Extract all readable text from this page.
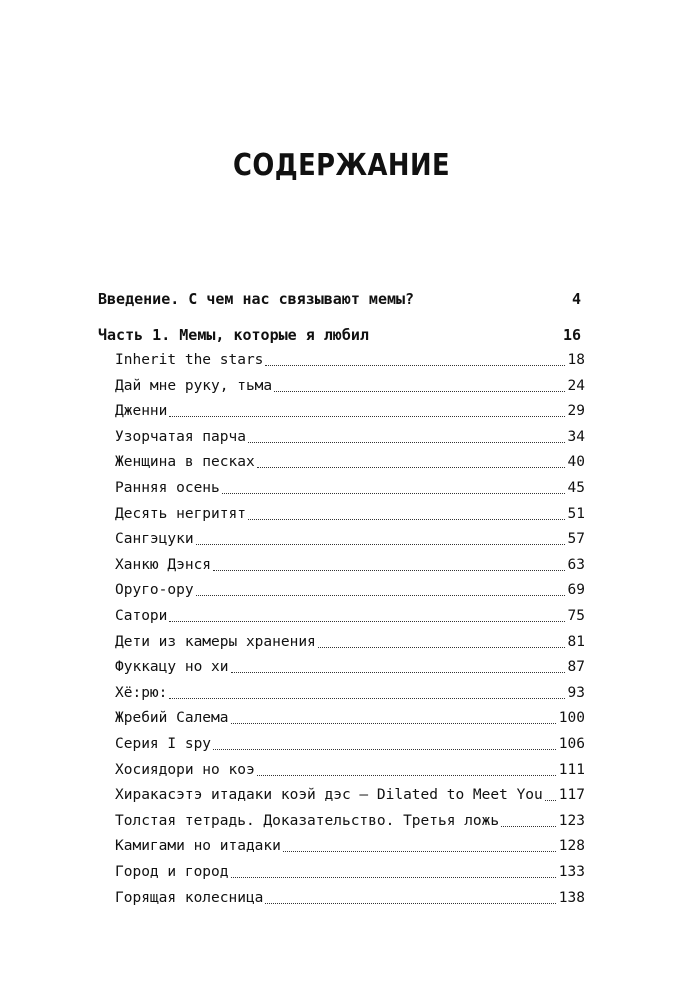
СОДЕРЖАНИЕ
Введение. С чем нас связывают мемы?	4
Часть 1. Мемы, которые я любил	16
Inherit the stars	18
Дай мне руку, тьма	24
Дженни	29
Узорчатая парча	34
Женщина в песках	40
Ранняя осень	45
Десять негритят	51
Сангэцуки	57
Ханкю Дэнся	63
Оруго-ору	69
Сатори	75
Дети из камеры хранения	81
Фуккацу но хи	87
Хё:рю:	93
Жребий Салема	100
Серия I spy	106
Хосиядори но коэ	111
Хиракасэтэ итадаки коэй дэс — Dilated to Meet You 117
Толстая тетрадь. Доказательство. Третья ложь	123
Камигами но итадаки	128
Город и город	133
Горящая колесница	138
